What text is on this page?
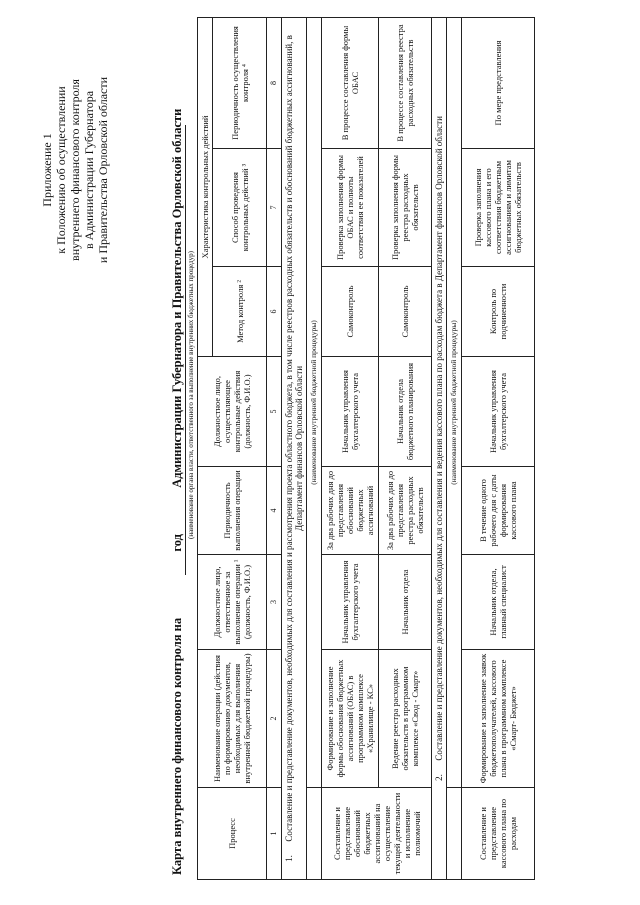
Приложение 1 к Положению об осуществлении внутреннего финансового контроля в Администрации Губернатора и Правительства Орловской области
Карта внутреннего финансового контроля на  год  Администрации Губернатора и Правительства Орловской области (наименование органа власти, ответственного за выполнение внутренних бюджетных процедур)
Процесс	Наименование операции (действия по формированию документов, необходимых для выполнения внутренней бюджетной процедуры)	Должностное лицо, ответственное за выполнение операции ¹ (должность, Ф.И.О.)	Периодичность выполнения операции	Должностное лицо, осуществляющее контрольные действия (должность, Ф.И.О.)	Характеристика контрольных действий		
					Метод контроля ²	Способ проведения контрольных действий ³	Периодичность осуществления контроля ⁴
1	2	3	4	5	6	7	8
1. Составление и представление документов, необходимых для составления и рассмотрения проекта областного бюджета, в том числе реестров расходных обязательств и обоснований бюджетных ассигнований, в Департамент финансов Орловской области							
	(наименование внутренней бюджетной процедуры)						
Составление и представление обоснований бюджетных ассигнований на осуществление текущей деятельности и исполнение полномочий	Формирование и заполнение формы обоснования бюджетных ассигнований (ОБАС) в программном комплексе «Хранилище - КС»	Начальник управления бухгалтерского учета	За два рабочих дня до представления обоснований бюджетных ассигнований	Начальник управления бухгалтерского учета	Самоконтроль	Проверка заполнения формы ОБАС и полноты соответствия ее показателей	В процессе составления формы ОБАС
	Ведение реестра расходных обязательств в программном комплексе «Свод - Смарт»	Начальник отдела	За два рабочих дня до представления реестра расходных обязательств	Начальник отдела бюджетного планирования	Самоконтроль	Проверка заполнения формы реестра расходных обязательств	В процессе составления реестра расходных обязательств
2. Составление и представление документов, необходимых для составления и ведения кассового плана по расходам бюджета в Департамент финансов Орловской области							
	(наименование внутренней бюджетной процедуры)						
Составление и представление кассового плана по расходам	Формирование и заполнение заявок бюджетополучателей, кассового плана в программном комплексе «Смарт- Бюджет»	Начальник отдела, главный специалист	В течение одного рабочего дня с даты формирования кассового плана	Начальник управления бухгалтерского учета	Контроль по подчиненности	Проверка заполнения кассового плана и его соответствия бюджетным ассигнованиям и лимитам бюджетных обязательств	По мере представления
